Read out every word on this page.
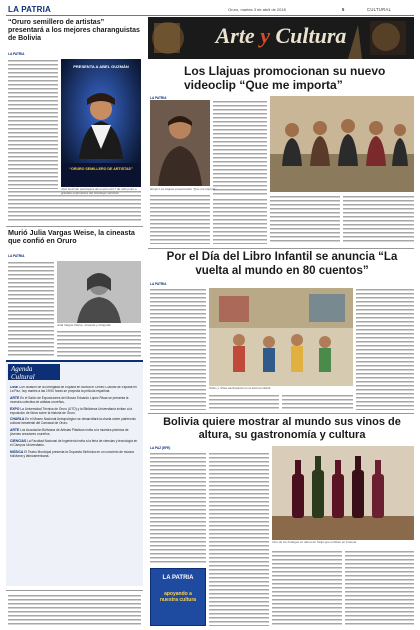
LA PATRIA	Oruro, martes 3 de abril de 2018	5	CULTURAL
“Oruro semillero de artistas” presentará a los mejores charanguistas de Bolivia
LA PATRIA
PRESENTA A ABEL GUZMÁN
“ORURO SEMILLERO DE ARTISTAS”
Abel Guzmán participará del evento del 7 de abril junto a grandes exponentes del charango nacional.
Murió Julia Vargas Weise, la cineasta que confió en Oruro
LA PATRIA
Julia Vargas Weise, cineasta y fotógrafa.
Agenda Cultural
CINE Con ocasión de la Embajada de España en Bolivia el Centro Cultural de España en La Paz, hoy martes a las 19:00 horas se proyecta la película española.
ARTE En el Salón de Exposiciones del Museo Eduardo López Rivas se presenta la muestra colectiva de artistas orureños.
EXPO La Universidad Técnica de Oruro (UTO) y la Biblioteca Universitaria invitan a la exposición de libros sobre la historia de Oruro.
CHARLA En el Museo Nacional Antropológico se desarrollará la charla sobre patrimonio cultural inmaterial del Carnaval de Oruro.
ARTE Los Asociación Boliviana de Artistas Plásticos invita a la muestra pictórica de jóvenes creadores orureños.
CIENCIAS La Facultad Nacional de Ingeniería invita a la feria de ciencias y tecnología en el Campus Universitario.
MÚSICA El Teatro Municipal presenta la Orquesta Sinfónica en un concierto de música boliviana y latinoamericana.
Arte y Cultura
Los Llajuas promocionan su nuevo videoclip “Que me importa”
LA PATRIA
Grupo Los Llajuas presentando “Que me importa”.
Por el Día del Libro Infantil se anuncia “La vuelta al mundo en 80 cuentos”
LA PATRIA
Niños y niñas participarán en la lectura infantil.
Bolivia quiere mostrar al mundo sus vinos de altura, su gastronomía y cultura
LA PAZ (EFE)
Vino de los bodegas en altura de Tarija que exhiben en Francia.
LA PATRIA
apoyando a
nuestra cultura
